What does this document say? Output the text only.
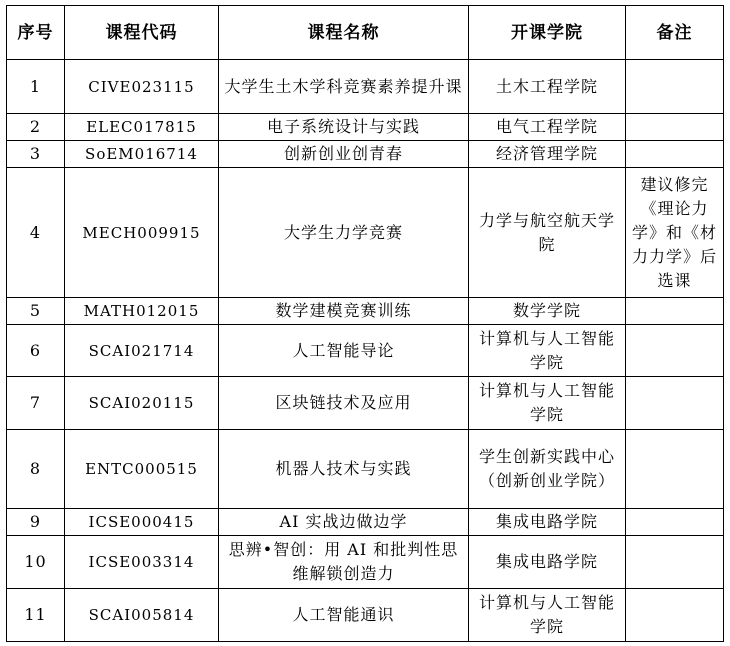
序号	课程代码	课程名称	开课学院	备注
1	CIVE023115	大学生土木学科竞赛素养提升课	土木工程学院	
2	ELEC017815	电子系统设计与实践	电气工程学院	
3	SoEM016714	创新创业创青春	经济管理学院	
4	MECH009915	大学生力学竞赛	力学与航空航天学院	建议修完《理论力学》和《材力力学》后选课
5	MATH012015	数学建模竞赛训练	数学学院	
6	SCAI021714	人工智能导论	计算机与人工智能学院	
7	SCAI020115	区块链技术及应用	计算机与人工智能学院	
8	ENTC000515	机器人技术与实践	学生创新实践中心（创新创业学院）	
9	ICSE000415	AI 实战边做边学	集成电路学院	
10	ICSE003314	思辨•智创：用 AI 和批判性思维解锁创造力	集成电路学院	
11	SCAI005814	人工智能通识	计算机与人工智能学院	
